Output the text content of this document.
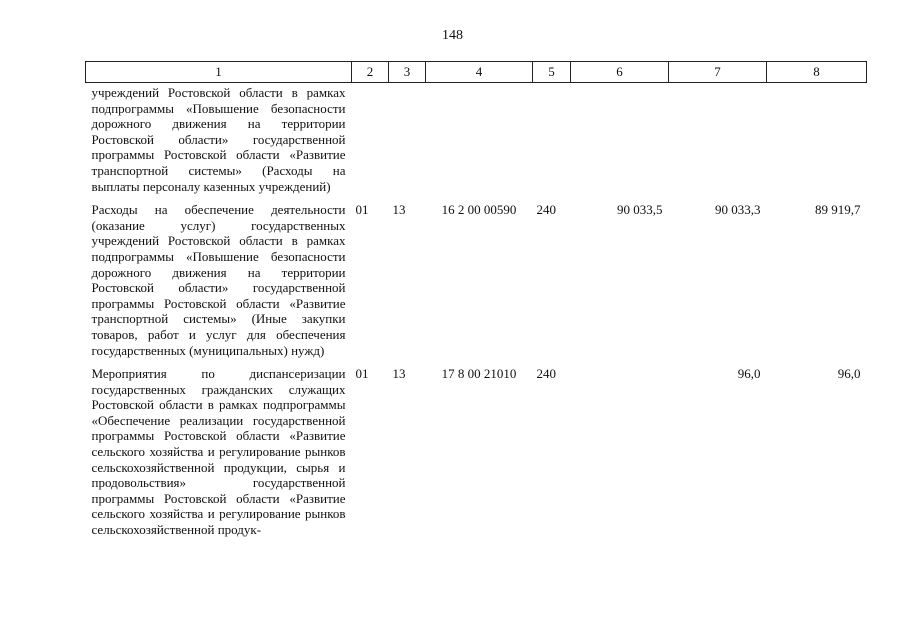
148
1	2	3	4	5	6	7	8
учреждений Ростовской области в рамках подпрограммы «Повышение безопасности дорожного движения на территории Ростовской области» государственной программы Ростовской области «Развитие транспортной системы» (Расходы на выплаты персоналу казенных учреждений)							
Расходы на обеспечение деятельности (оказание услуг) государственных учреждений Ростовской области в рамках подпрограммы «Повышение безопасности дорожного движения на территории Ростовской области» государственной программы Ростовской области «Развитие транспортной системы» (Иные закупки товаров, работ и услуг для обеспечения государственных (муниципальных) нужд)	01	13	16 2 00 00590	240	90 033,5	90 033,3	89 919,7
Мероприятия по диспансеризации государственных гражданских служащих Ростовской области в рамках подпрограммы «Обеспечение реализации государственной программы Ростовской области «Развитие сельского хозяйства и регулирование рынков сельскохозяйственной продукции, сырья и продовольствия» государственной программы Ростовской области «Развитие сельского хозяйства и регулирование рынков сельскохозяйственной продук-	01	13	17 8 00 21010	240		96,0	96,0
